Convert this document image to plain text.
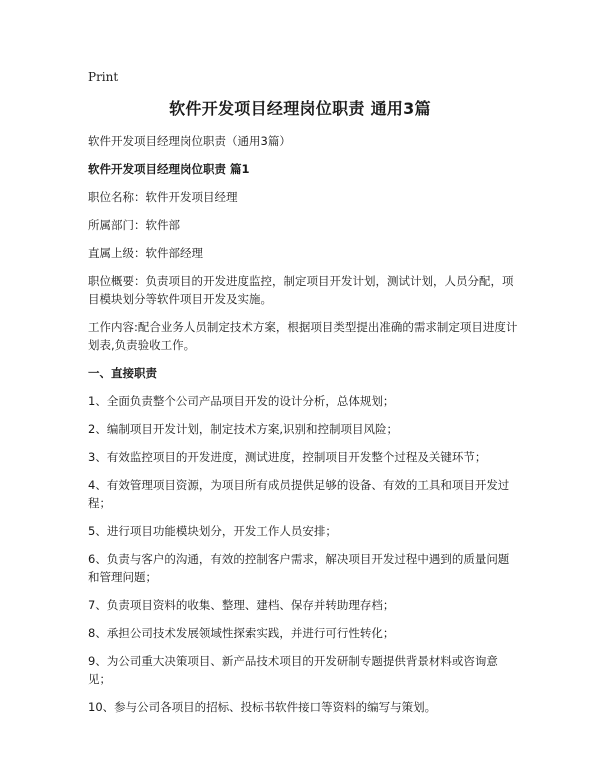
Print
软件开发项目经理岗位职责 通用3篇

软件开发项目经理岗位职责（通用3篇）

软件开发项目经理岗位职责 篇1

职位名称：软件开发项目经理

所属部门：软件部

直属上级：软件部经理

职位概要：负责项目的开发进度监控，制定项目开发计划，测试计划，人员分配，项目模块划分等软件项目开发及实施。

工作内容:配合业务人员制定技术方案，根据项目类型提出准确的需求制定项目进度计划表,负责验收工作。

一、直接职责

1、全面负责整个公司产品项目开发的设计分析，总体规划；

2、编制项目开发计划，制定技术方案,识别和控制项目风险；

3、有效监控项目的开发进度，测试进度，控制项目开发整个过程及关键环节；

4、有效管理项目资源，为项目所有成员提供足够的设备、有效的工具和项目开发过程；

5、进行项目功能模块划分，开发工作人员安排；

6、负责与客户的沟通，有效的控制客户需求，解决项目开发过程中遇到的质量问题和管理问题；

7、负责项目资料的收集、整理、建档、保存并转助理存档；

8、承担公司技术发展领域性探索实践，并进行可行性转化；

9、为公司重大决策项目、新产品技术项目的开发研制专题提供背景材料或咨询意见；

10、参与公司各项目的招标、投标书软件接口等资料的编写与策划。
